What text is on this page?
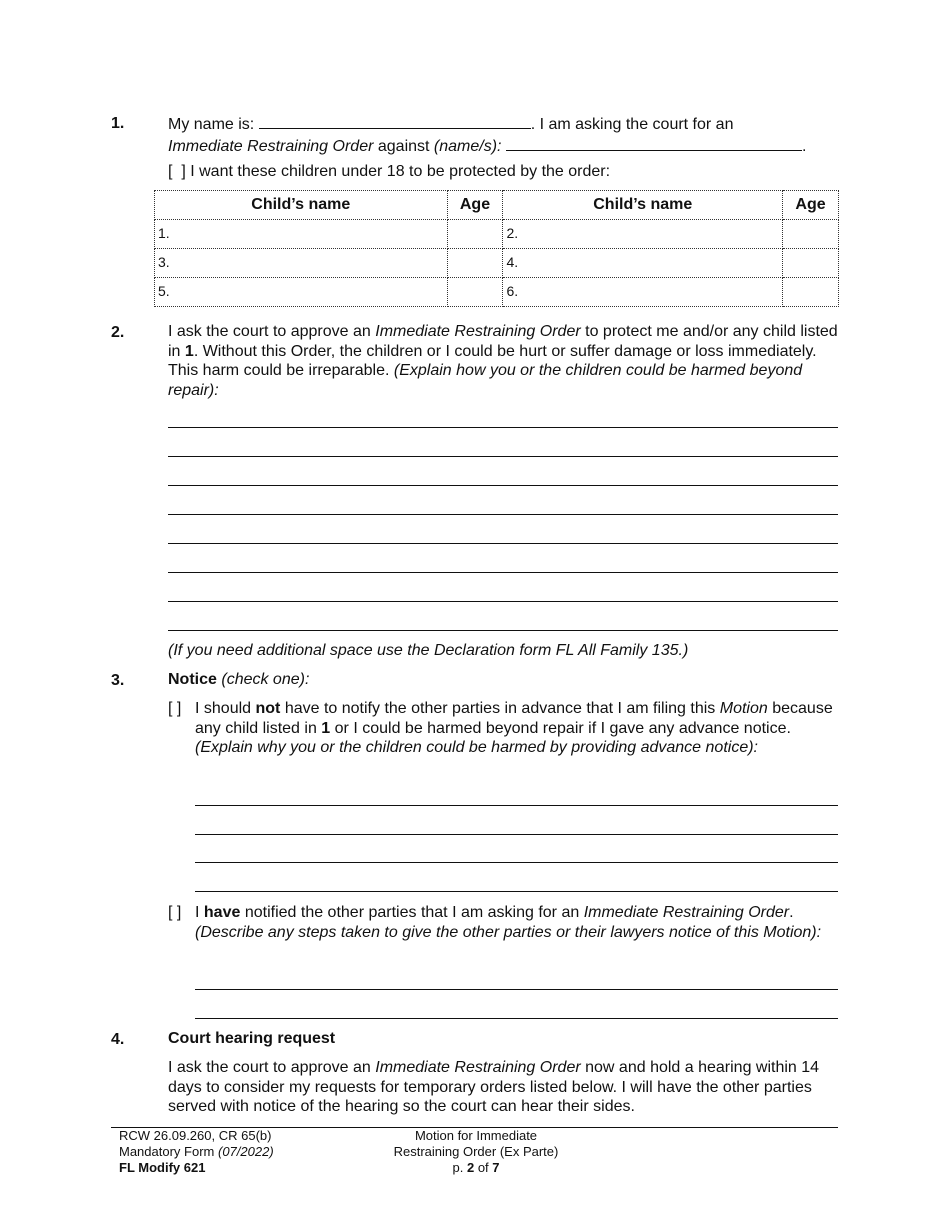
1.	My name is:	. I am asking the court for an
Immediate Restraining Order against (name/s):	.
[  ] I want these children under 18 to be protected by the order:
Child’s name	Age	Child’s name	Age
1.		2.	
3.		4.	
5.		6.	
2.	I ask the court to approve an Immediate Restraining Order to protect me and/or any child listed in 1. Without this Order, the children or I could be hurt or suffer damage or loss immediately. This harm could be irreparable. (Explain how you or the children could be harmed beyond repair):
(If you need additional space use the Declaration form FL All Family 135.)
3.	Notice (check one):
[ ] I should not have to notify the other parties in advance that I am filing this Motion because any child listed in 1 or I could be harmed beyond repair if I gave any advance notice. (Explain why you or the children could be harmed by providing advance notice):
[ ] I have notified the other parties that I am asking for an Immediate Restraining Order. (Describe any steps taken to give the other parties or their lawyers notice of this Motion):
4.	Court hearing request
I ask the court to approve an Immediate Restraining Order now and hold a hearing within 14 days to consider my requests for temporary orders listed below. I will have the other parties served with notice of the hearing so the court can hear their sides.
RCW 26.09.260, CR 65(b)
Mandatory Form (07/2022)
FL Modify 621
Motion for Immediate
Restraining Order (Ex Parte)
p. 2 of 7
